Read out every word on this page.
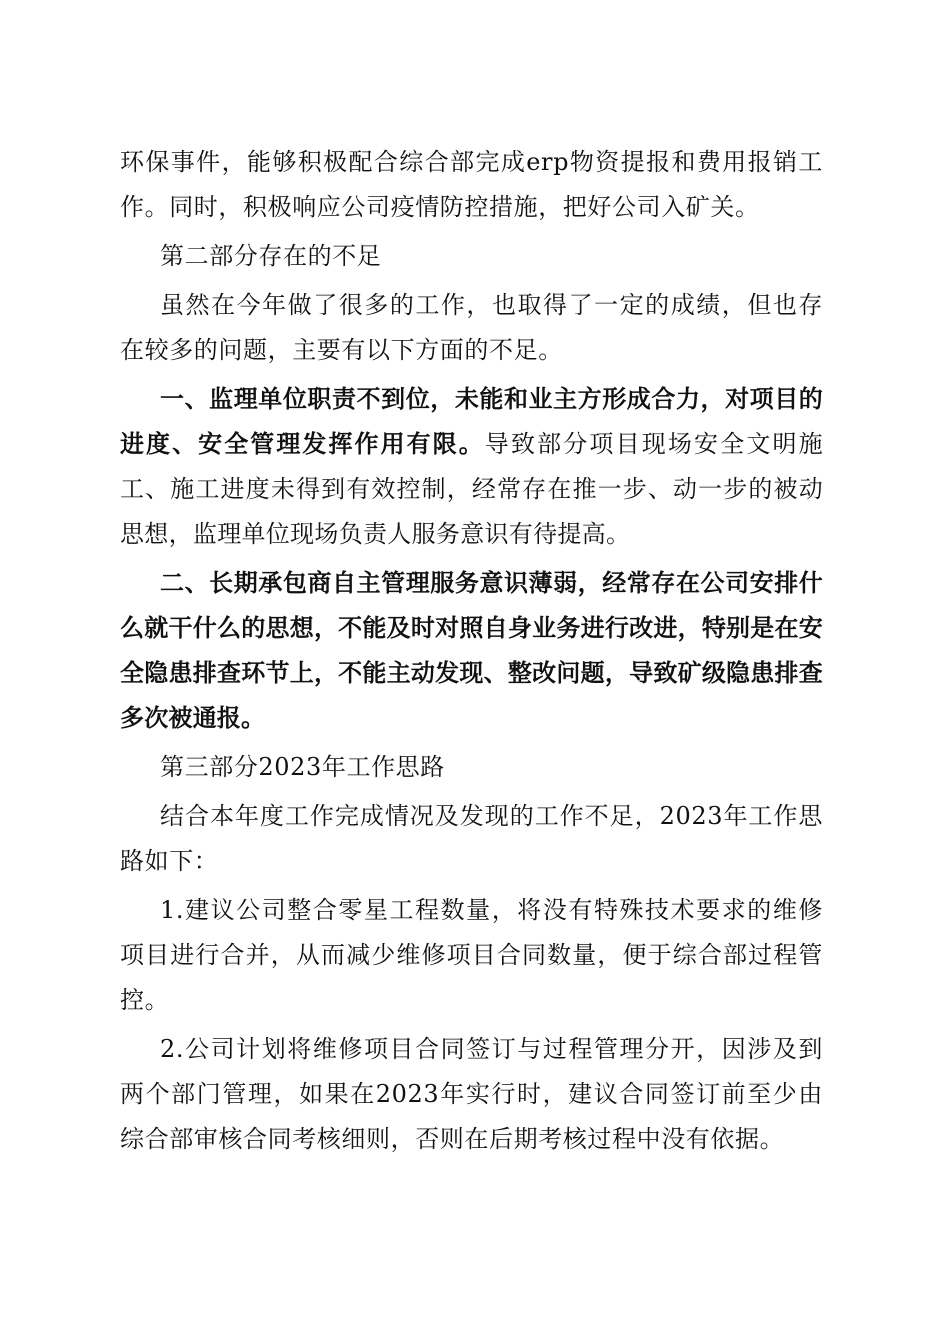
环保事件，能够积极配合综合部完成erp物资提报和费用报销工作。同时，积极响应公司疫情防控措施，把好公司入矿关。

第二部分存在的不足

虽然在今年做了很多的工作，也取得了一定的成绩，但也存在较多的问题，主要有以下方面的不足。

一、监理单位职责不到位，未能和业主方形成合力，对项目的进度、安全管理发挥作用有限。导致部分项目现场安全文明施工、施工进度未得到有效控制，经常存在推一步、动一步的被动思想，监理单位现场负责人服务意识有待提高。

二、长期承包商自主管理服务意识薄弱，经常存在公司安排什么就干什么的思想，不能及时对照自身业务进行改进，特别是在安全隐患排查环节上，不能主动发现、整改问题，导致矿级隐患排查多次被通报。

第三部分2023年工作思路

结合本年度工作完成情况及发现的工作不足，2023年工作思路如下：

1.建议公司整合零星工程数量，将没有特殊技术要求的维修项目进行合并，从而减少维修项目合同数量，便于综合部过程管控。

2.公司计划将维修项目合同签订与过程管理分开，因涉及到两个部门管理，如果在2023年实行时，建议合同签订前至少由综合部审核合同考核细则，否则在后期考核过程中没有依据。
